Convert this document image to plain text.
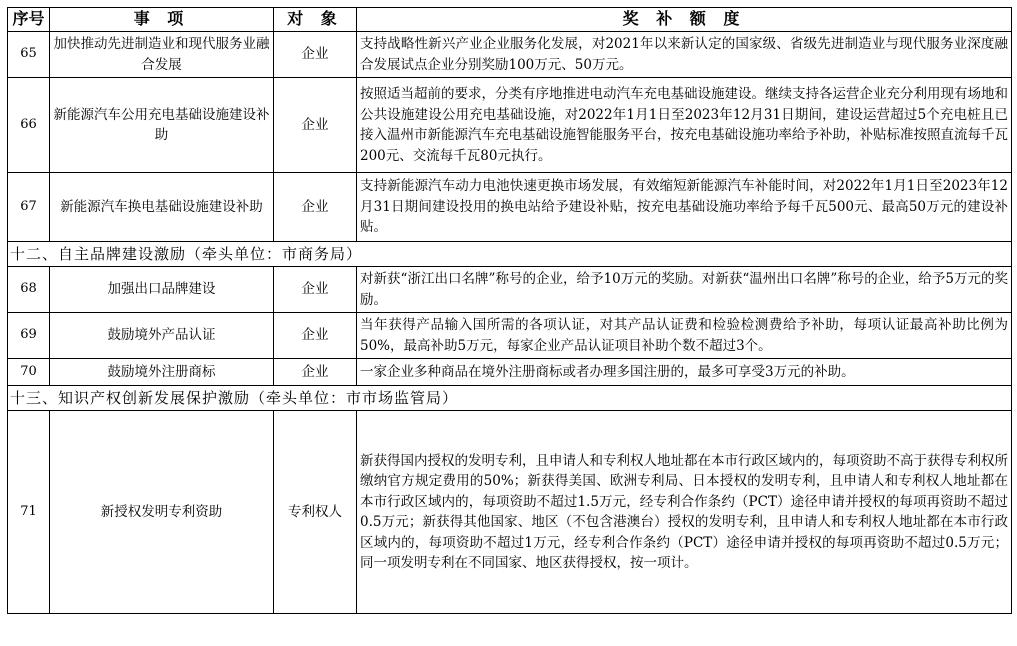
序号	事 项	对 象	奖 补 额 度
65	加快推动先进制造业和现代服务业融合发展	企业	支持战略性新兴产业企业服务化发展，对2021年以来新认定的国家级、省级先进制造业与现代服务业深度融合发展试点企业分别奖励100万元、50万元。
66	新能源汽车公用充电基础设施建设补助	企业	按照适当超前的要求，分类有序地推进电动汽车充电基础设施建设。继续支持各运营企业充分利用现有场地和公共设施建设公用充电基础设施，对2022年1月1日至2023年12月31日期间，建设运营超过5个充电桩且已接入温州市新能源汽车充电基础设施智能服务平台，按充电基础设施功率给予补助，补贴标准按照直流每千瓦200元、交流每千瓦80元执行。
67	新能源汽车换电基础设施建设补助	企业	支持新能源汽车动力电池快速更换市场发展，有效缩短新能源汽车补能时间，对2022年1月1日至2023年12月31日期间建设投用的换电站给予建设补贴，按充电基础设施功率给予每千瓦500元、最高50万元的建设补贴。
十二、自主品牌建设激励（牵头单位：市商务局）			
68	加强出口品牌建设	企业	对新获“浙江出口名牌”称号的企业，给予10万元的奖励。对新获“温州出口名牌”称号的企业，给予5万元的奖励。
69	鼓励境外产品认证	企业	当年获得产品输入国所需的各项认证，对其产品认证费和检验检测费给予补助，每项认证最高补助比例为50%，最高补助5万元，每家企业产品认证项目补助个数不超过3个。
70	鼓励境外注册商标	企业	一家企业多种商品在境外注册商标或者办理多国注册的，最多可享受3万元的补助。
十三、知识产权创新发展保护激励（牵头单位：市市场监管局）			
71	新授权发明专利资助	专利权人	新获得国内授权的发明专利，且申请人和专利权人地址都在本市行政区域内的，每项资助不高于获得专利权所缴纳官方规定费用的50%；新获得美国、欧洲专利局、日本授权的发明专利，且申请人和专利权人地址都在本市行政区域内的，每项资助不超过1.5万元，经专利合作条约（PCT）途径申请并授权的每项再资助不超过0.5万元；新获得其他国家、地区（不包含港澳台）授权的发明专利，且申请人和专利权人地址都在本市行政区域内的，每项资助不超过1万元，经专利合作条约（PCT）途径申请并授权的每项再资助不超过0.5万元；同一项发明专利在不同国家、地区获得授权，按一项计。
